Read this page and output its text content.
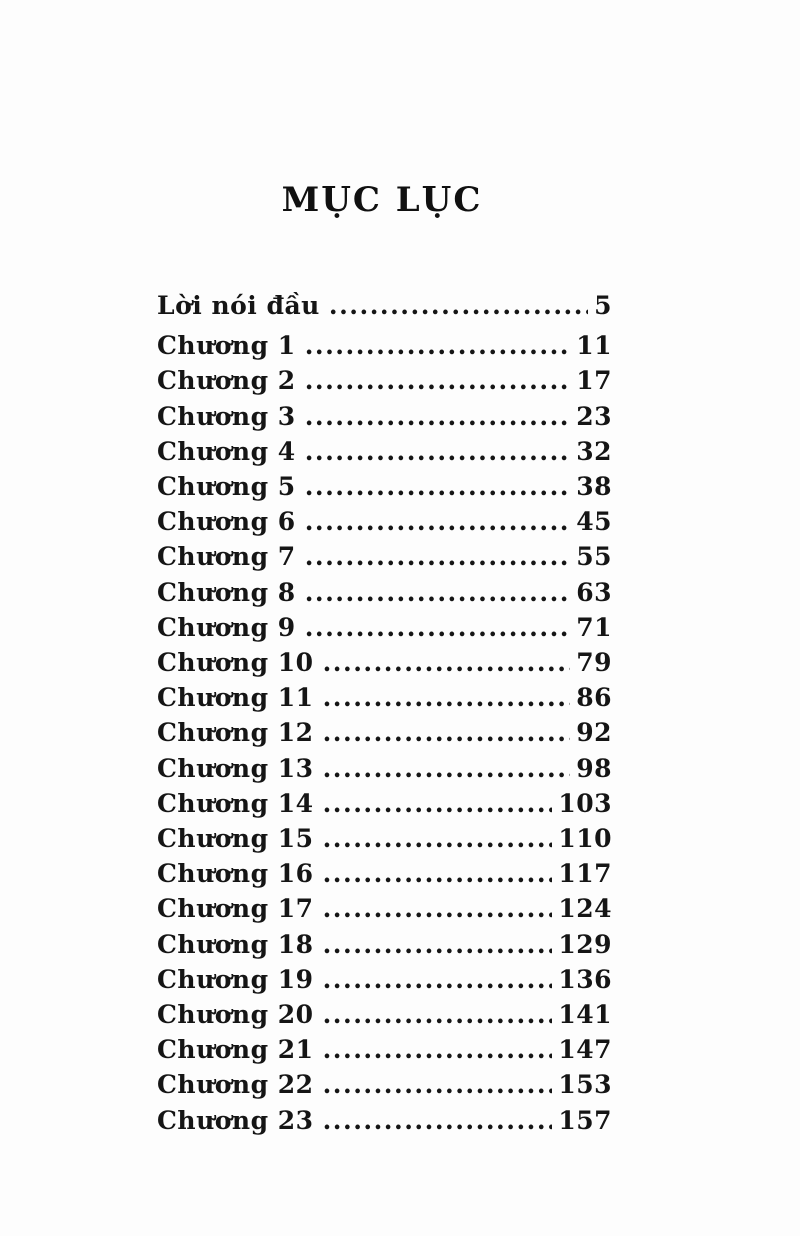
MỤC LỤC
Lời nói đầu .....	5
Chương 1 .....	11
Chương 2 .....	17
Chương 3 .....	23
Chương 4 .....	32
Chương 5 .....	38
Chương 6 .....	45
Chương 7 .....	55
Chương 8 .....	63
Chương 9 .....	71
Chương 10 .....	79
Chương 11 .....	86
Chương 12 .....	92
Chương 13 .....	98
Chương 14 .....	103
Chương 15 .....	110
Chương 16 .....	117
Chương 17 .....	124
Chương 18 .....	129
Chương 19 .....	136
Chương 20 .....	141
Chương 21 .....	147
Chương 22 .....	153
Chương 23 .....	157
